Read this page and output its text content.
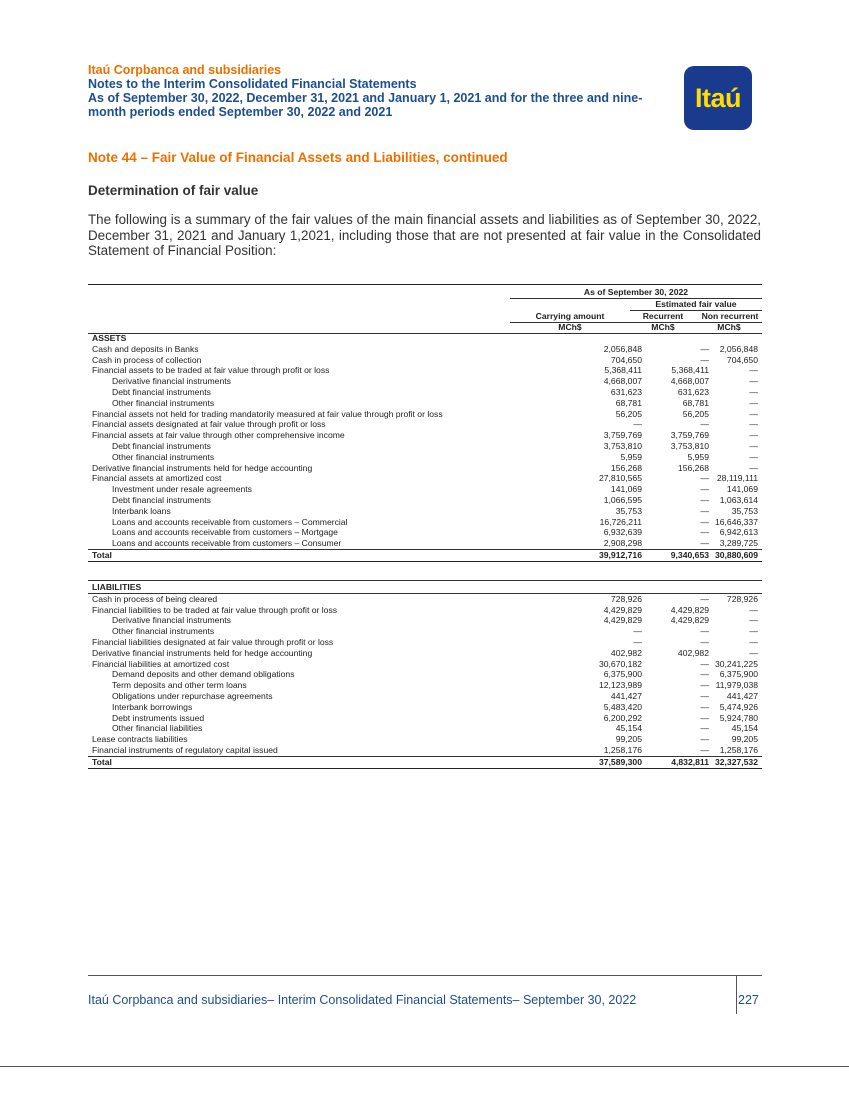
Itaú Corpbanca and subsidiaries
Notes to the Interim Consolidated Financial Statements
As of September 30, 2022, December 31, 2021 and January 1, 2021 and for the three and nine-
month periods ended September 30, 2022 and 2021	Itaú
Note 44 – Fair Value of Financial Assets and Liabilities, continued
Determination of fair value
The following is a summary of the fair values of the main financial assets and liabilities as of September 30, 2022, December 31, 2021 and January 1,2021, including those that are not presented at fair value in the Consolidated Statement of Financial Position:
As of September 30, 2022
Estimated fair value
Carrying amount	Recurrent	Non recurrent
MCh$	MCh$	MCh$
ASSETS
Cash and deposits in Banks	2,056,848	—	2,056,848
Cash in process of collection	704,650	—	704,650
Financial assets to be traded at fair value through profit or loss	5,368,411	5,368,411	—
Derivative financial instruments	4,668,007	4,668,007	—
Debt financial instruments	631,623	631,623	—
Other financial instruments	68,781	68,781	—
Financial assets not held for trading mandatorily measured at fair value through profit or loss	56,205	56,205	—
Financial assets designated at fair value through profit or loss	—	—	—
Financial assets at fair value through other comprehensive income	3,759,769	3,759,769	—
Debt financial instruments	3,753,810	3,753,810	—
Other financial instruments	5,959	5,959	—
Derivative financial instruments held for hedge accounting	156,268	156,268	—
Financial assets at amortized cost	27,810,565	— 28,119,111
Investment under resale agreements	141,069	—	141,069
Debt financial instruments	1,066,595	—	1,063,614
Interbank loans	35,753	—	35,753
Loans and accounts receivable from customers – Commercial	16,726,211	— 16,646,337
Loans and accounts receivable from customers – Mortgage	6,932,639	—	6,942,613
Loans and accounts receivable from customers – Consumer	2,908,298	—	3,289,725
Total	39,912,716	9,340,653 30,880,609
LIABILITIES
Cash in process of being cleared	728,926	—	728,926
Financial liabilities to be traded at fair value through profit or loss	4,429,829	4,429,829	—
Derivative financial instruments	4,429,829	4,429,829	—
Other financial instruments	—	—	—
Financial liabilities designated at fair value through profit or loss	—	—	—
Derivative financial instruments held for hedge accounting	402,982	402,982	—
Financial liabilities at amortized cost	30,670,182	— 30,241,225
Demand deposits and other demand obligations	6,375,900	—	6,375,900
Term deposits and other term loans	12,123,989	— 11,979,038
Obligations under repurchase agreements	441,427	—	441,427
Interbank borrowings	5,483,420	—	5,474,926
Debt instruments issued	6,200,292	—	5,924,780
Other financial liabilities	45,154	—	45,154
Lease contracts liabilities	99,205	—	99,205
Financial instruments of regulatory capital issued	1,258,176	—	1,258,176
Total	37,589,300	4,832,811 32,327,532
Itaú Corpbanca and subsidiaries– Interim Consolidated Financial Statements– September 30, 2022	227
